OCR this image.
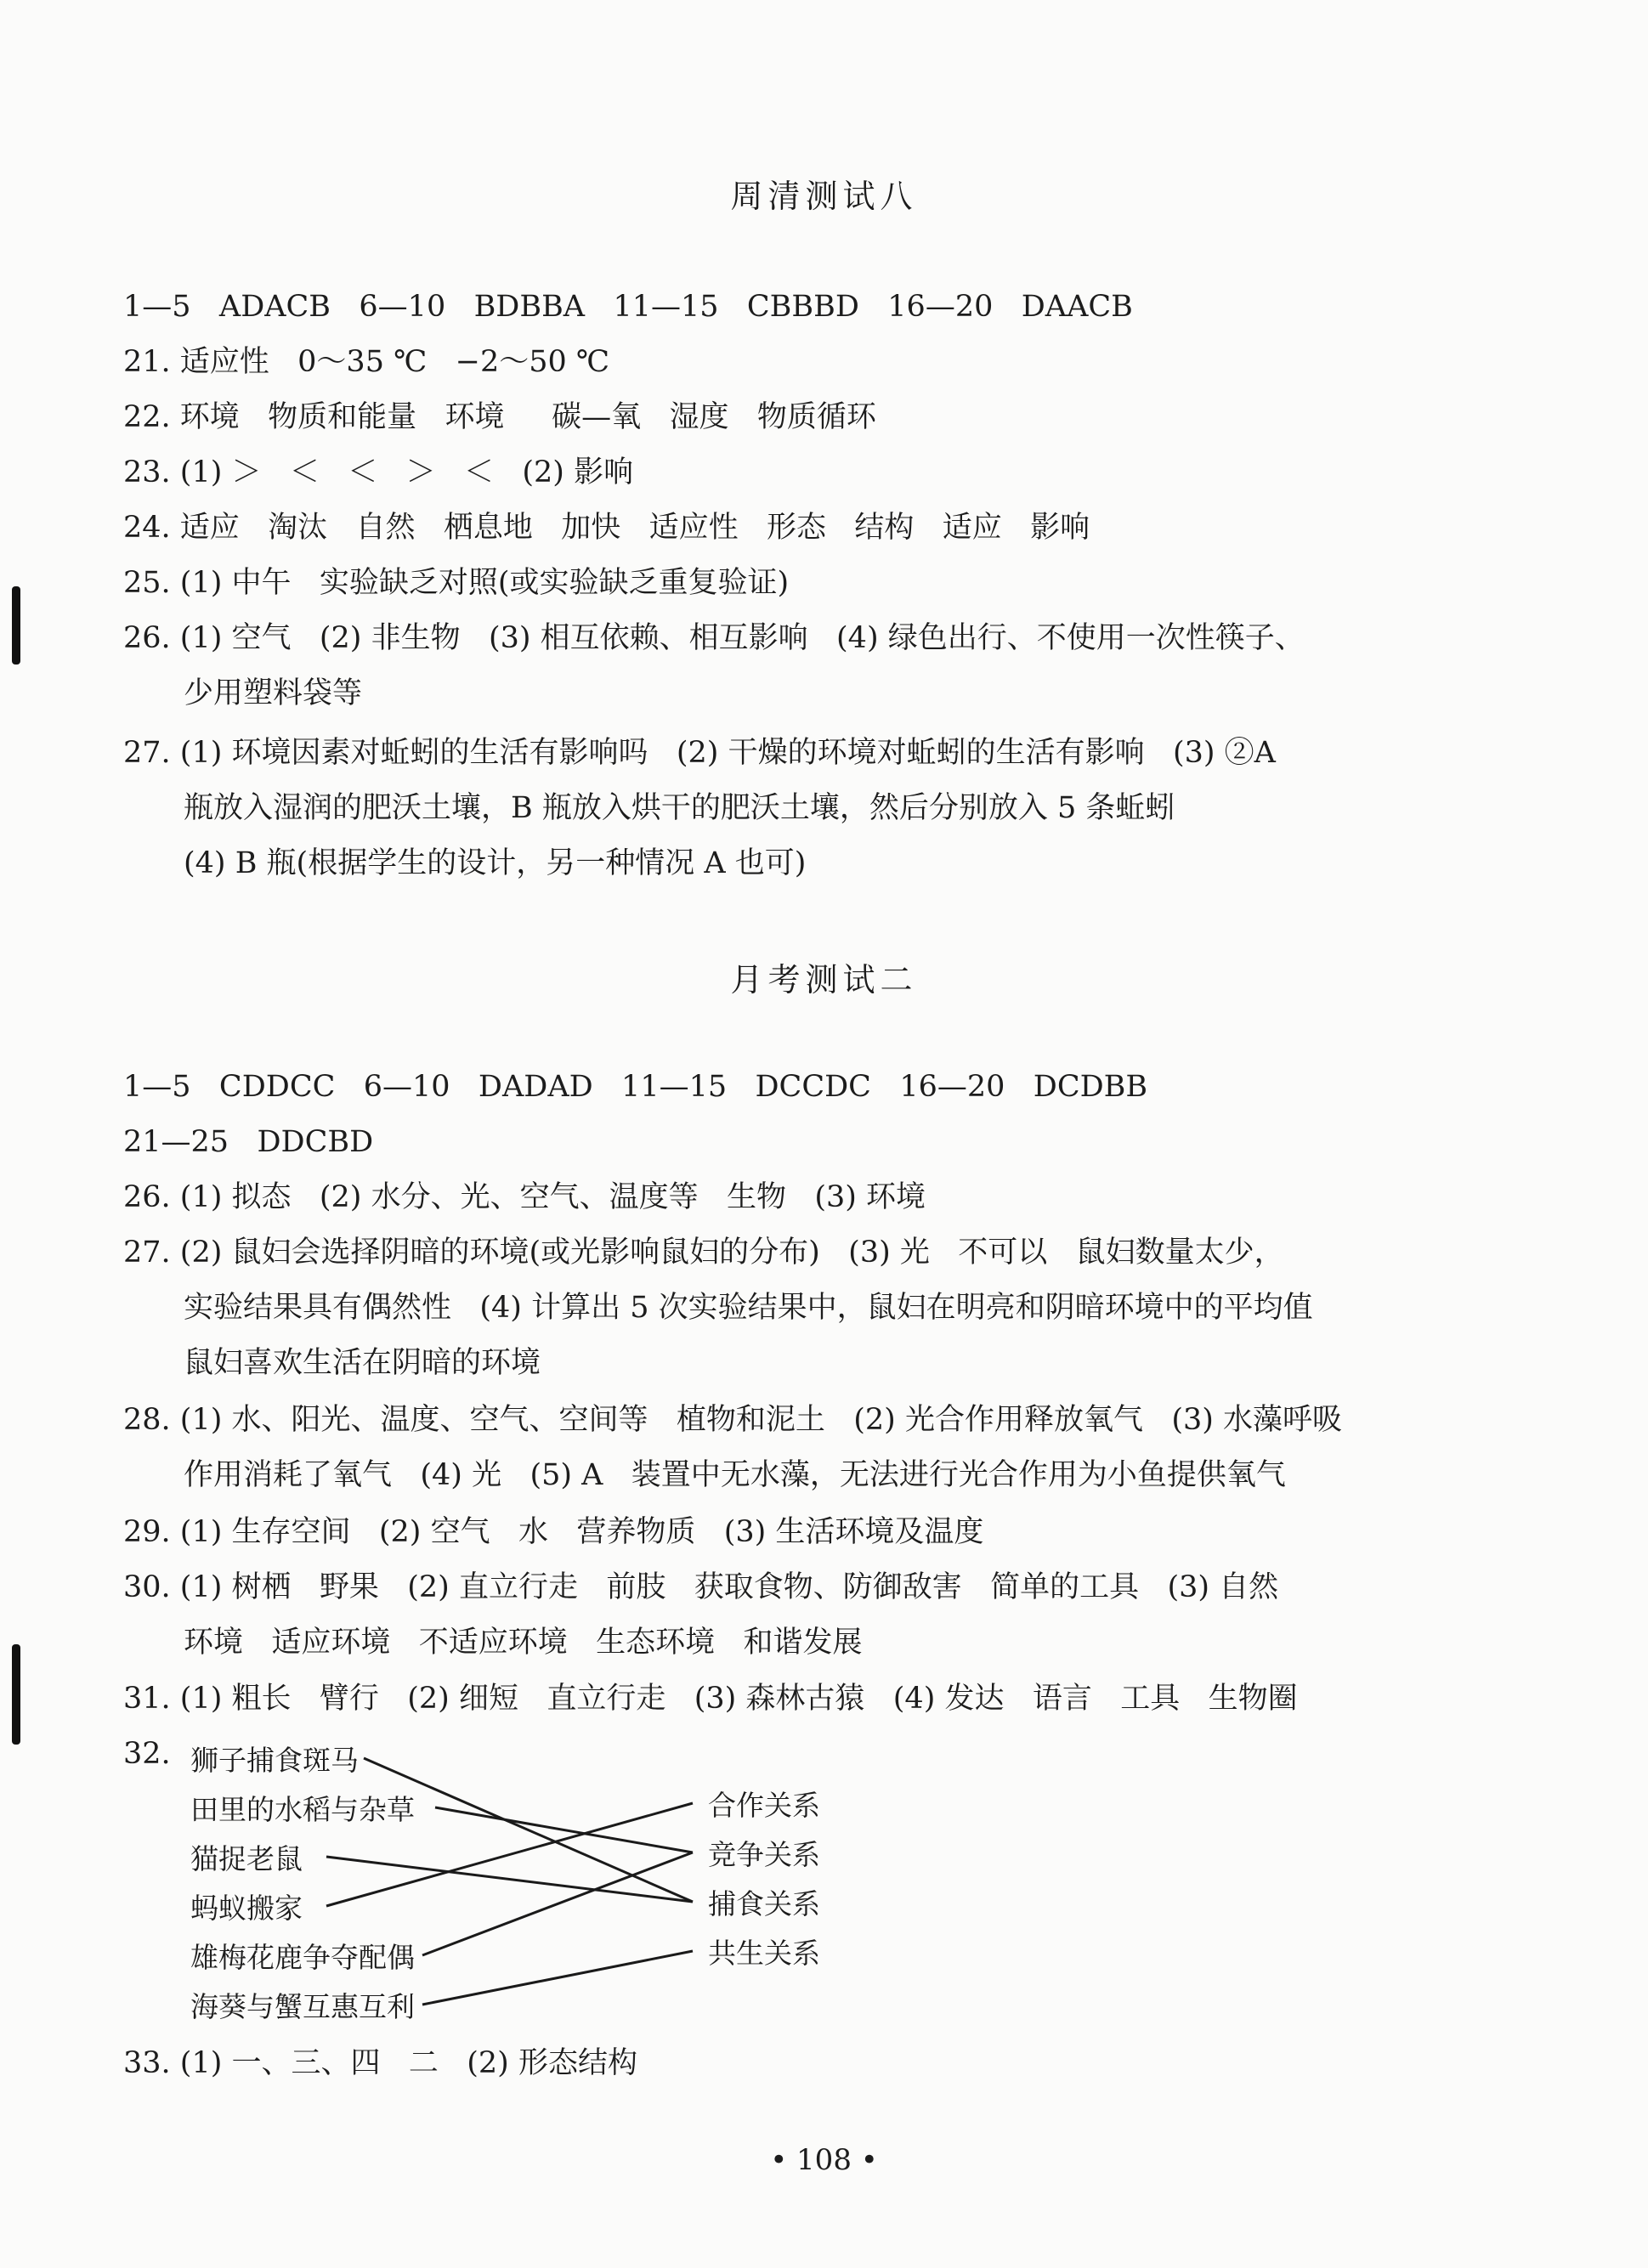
周清测试八
1—5   ADACB   6—10   BDBBA   11—15   CBBBD   16—20   DAACB
21. 适应性   0～35 ℃   −2～50 ℃
22. 环境   物质和能量   环境     碳—氧   湿度   物质循环
23. (1) ＞   ＜   ＜   ＞   ＜   (2) 影响
24. 适应   淘汰   自然   栖息地   加快   适应性   形态   结构   适应   影响
25. (1) 中午   实验缺乏对照(或实验缺乏重复验证)
26. (1) 空气   (2) 非生物   (3) 相互依赖、相互影响   (4) 绿色出行、不使用一次性筷子、
少用塑料袋等
27. (1) 环境因素对蚯蚓的生活有影响吗   (2) 干燥的环境对蚯蚓的生活有影响   (3) ②A
瓶放入湿润的肥沃土壤，B 瓶放入烘干的肥沃土壤，然后分别放入 5 条蚯蚓
(4) B 瓶(根据学生的设计，另一种情况 A 也可)
月考测试二
1—5   CDDCC   6—10   DADAD   11—15   DCCDC   16—20   DCDBB
21—25   DDCBD
26. (1) 拟态   (2) 水分、光、空气、温度等   生物   (3) 环境
27. (2) 鼠妇会选择阴暗的环境(或光影响鼠妇的分布)   (3) 光   不可以   鼠妇数量太少，
实验结果具有偶然性   (4) 计算出 5 次实验结果中，鼠妇在明亮和阴暗环境中的平均值
鼠妇喜欢生活在阴暗的环境
28. (1) 水、阳光、温度、空气、空间等   植物和泥土   (2) 光合作用释放氧气   (3) 水藻呼吸
作用消耗了氧气   (4) 光   (5) A   装置中无水藻，无法进行光合作用为小鱼提供氧气
29. (1) 生存空间   (2) 空气   水   营养物质   (3) 生活环境及温度
30. (1) 树栖   野果   (2) 直立行走   前肢   获取食物、防御敌害   简单的工具   (3) 自然
环境   适应环境   不适应环境   生态环境   和谐发展
31. (1) 粗长   臂行   (2) 细短   直立行走   (3) 森林古猿   (4) 发达   语言   工具   生物圈
32. 狮子捕食斑马
田里的水稻与杂草
猫捉老鼠
蚂蚁搬家
雄梅花鹿争夺配偶
海葵与蟹互惠互利
合作关系
竞争关系
捕食关系
共生关系
33. (1) 一、三、四   二   (2) 形态结构
• 108 •
